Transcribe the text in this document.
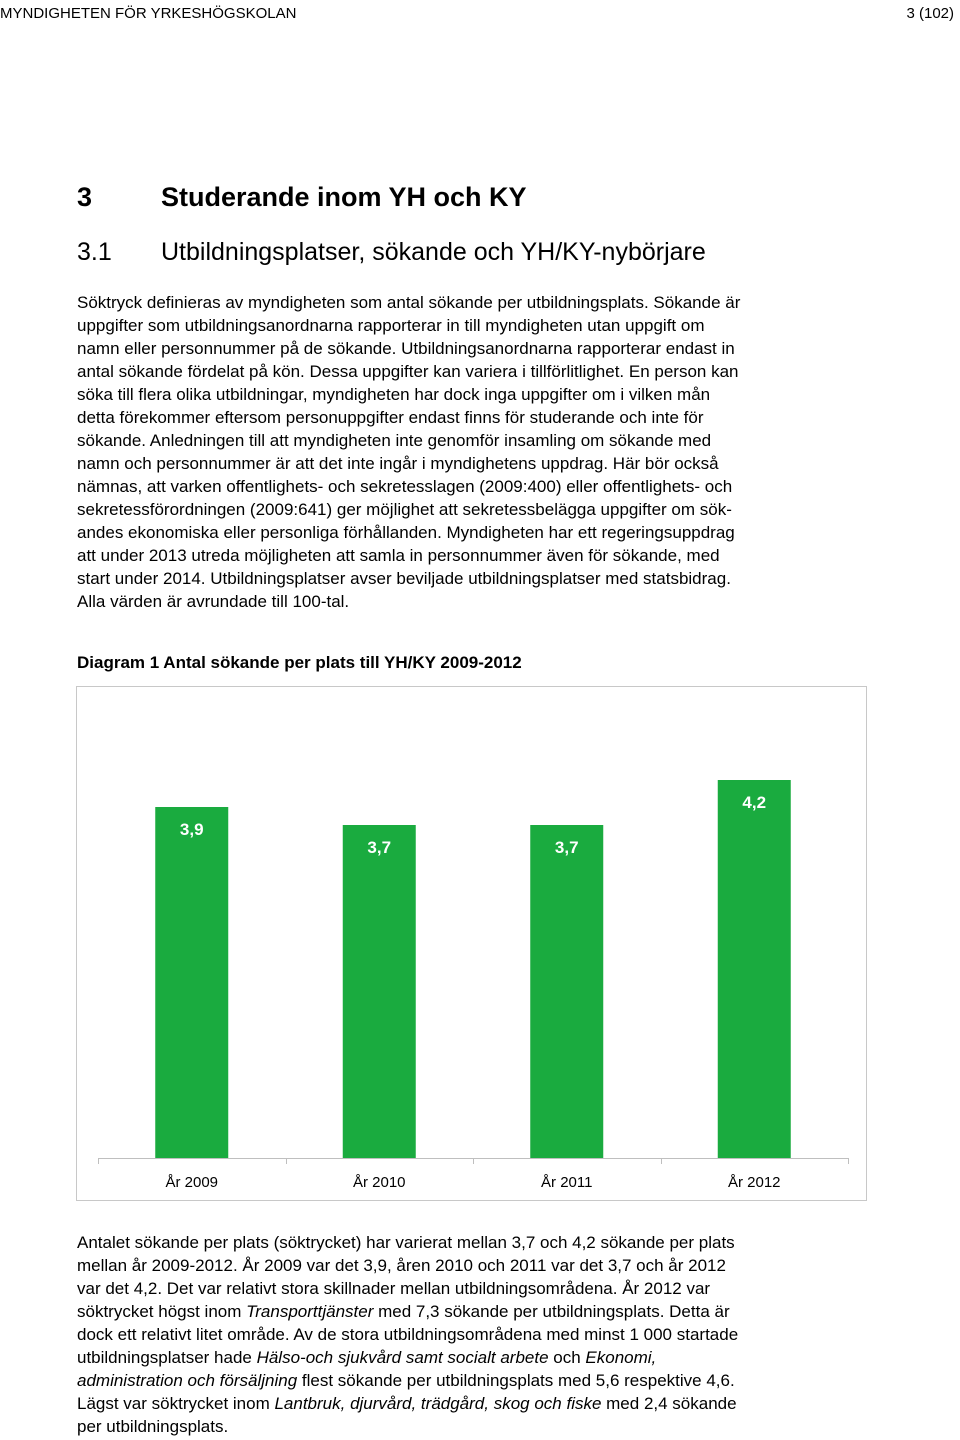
MYNDIGHETEN FÖR YRKESHÖGSKOLAN	3 (102)
3	Studerande inom YH och KY
3.1 Utbildningsplatser, sökande och YH/KY-nybörjare

Söktryck definieras av myndigheten som antal sökande per utbildningsplats. Sökande är
uppgifter som utbildningsanordnarna rapporterar in till myndigheten utan uppgift om
namn eller personnummer på de sökande. Utbildningsanordnarna rapporterar endast in
antal sökande fördelat på kön. Dessa uppgifter kan variera i tillförlitlighet. En person kan
söka till flera olika utbildningar, myndigheten har dock inga uppgifter om i vilken mån
detta förekommer eftersom personuppgifter endast finns för studerande och inte för
sökande. Anledningen till att myndigheten inte genomför insamling om sökande med
namn och personnummer är att det inte ingår i myndighetens uppdrag. Här bör också
nämnas, att varken offentlighets- och sekretesslagen (2009:400) eller offentlighets- och
sekretessförordningen (2009:641) ger möjlighet att sekretessbelägga uppgifter om sök-
andes ekonomiska eller personliga förhållanden. Myndigheten har ett regeringsuppdrag
att under 2013 utreda möjligheten att samla in personnummer även för sökande, med
start under 2014. Utbildningsplatser avser beviljade utbildningsplatser med statsbidrag.
Alla värden är avrundade till 100-tal.

Diagram 1 Antal sökande per plats till YH/KY 2009-2012
3,9
År 2009
3,7
År 2010
3,7
År 2011
4,2
År 2012

Antalet sökande per plats (söktrycket) har varierat mellan 3,7 och 4,2 sökande per plats
mellan år 2009-2012. År 2009 var det 3,9, åren 2010 och 2011 var det 3,7 och år 2012
var det 4,2. Det var relativt stora skillnader mellan utbildningsområdena. År 2012 var
söktrycket högst inom Transporttjänster med 7,3 sökande per utbildningsplats. Detta är
dock ett relativt litet område. Av de stora utbildningsområdena med minst 1 000 startade
utbildningsplatser hade Hälso-och sjukvård samt socialt arbete och Ekonomi,
administration och försäljning flest sökande per utbildningsplats med 5,6 respektive 4,6.
Lägst var söktrycket inom Lantbruk, djurvård, trädgård, skog och fiske med 2,4 sökande
per utbildningsplats.
